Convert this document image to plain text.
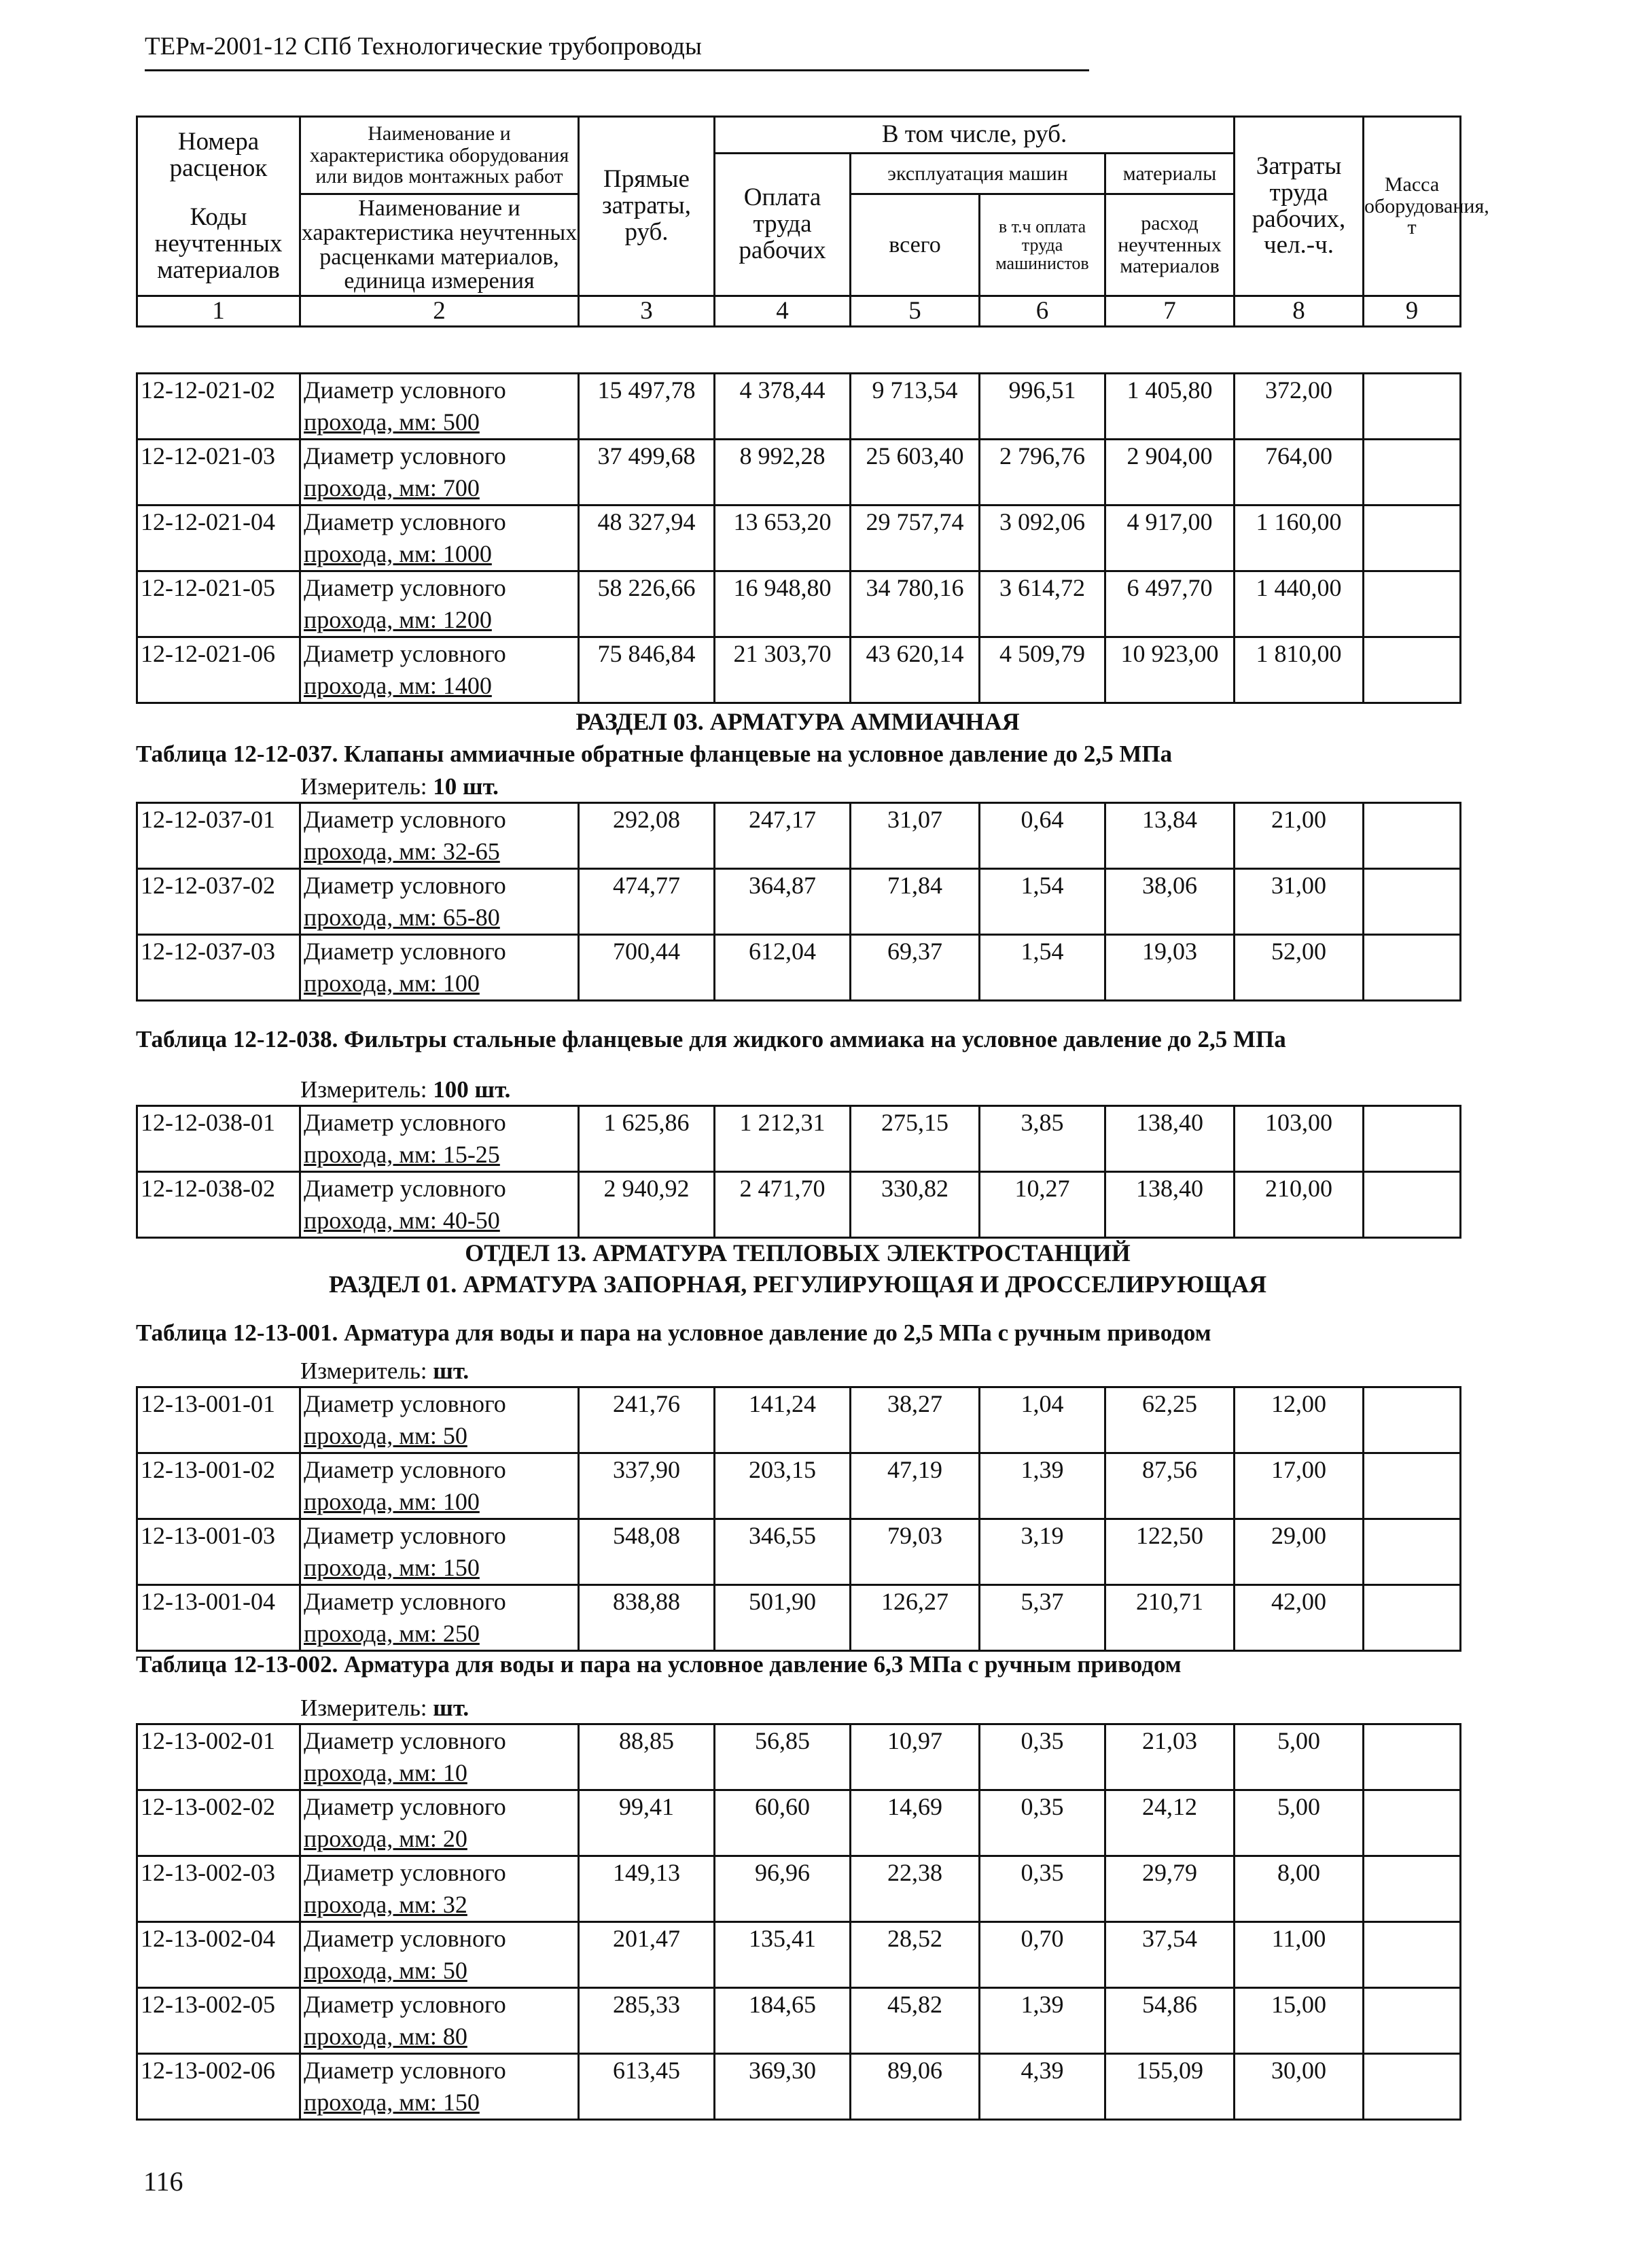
ТЕРм-2001-12 СПб Технологические трубопроводы
Номера расценок	Наименование и характеристика оборудования или видов монтажных работ	Прямые затраты, руб.	В том числе, руб.				Затраты труда рабочих, чел.-ч.	Масса оборудования, т
			Оплата труда рабочих	эксплуатация машин		материалы		
Коды неучтенных материалов	Наименование и характеристика неучтенных расценками материалов, единица измерения			всего	в т.ч оплата труда машинистов	расход неучтенных материалов		

1	2	3	4	5	6	7	8	9
12-12-021-02	Диаметр условного
прохода, мм: 500	15 497,78	4 378,44	9 713,54	996,51	1 405,80	372,00	
12-12-021-03	Диаметр условного
прохода, мм: 700	37 499,68	8 992,28	25 603,40	2 796,76	2 904,00	764,00	
12-12-021-04	Диаметр условного
прохода, мм: 1000	48 327,94	13 653,20	29 757,74	3 092,06	4 917,00	1 160,00	
12-12-021-05	Диаметр условного
прохода, мм: 1200	58 226,66	16 948,80	34 780,16	3 614,72	6 497,70	1 440,00	
12-12-021-06	Диаметр условного
прохода, мм: 1400	75 846,84	21 303,70	43 620,14	4 509,79	10 923,00	1 810,00	
РАЗДЕЛ 03. АРМАТУРА АММИАЧНАЯ
Таблица 12-12-037. Клапаны аммиачные обратные фланцевые на условное давление до 2,5 МПа
Измеритель: 10 шт.
12-12-037-01	Диаметр условного
прохода, мм: 32-65	292,08	247,17	31,07	0,64	13,84	21,00	
12-12-037-02	Диаметр условного
прохода, мм: 65-80	474,77	364,87	71,84	1,54	38,06	31,00	
12-12-037-03	Диаметр условного
прохода, мм: 100	700,44	612,04	69,37	1,54	19,03	52,00	
Таблица 12-12-038. Фильтры стальные фланцевые для жидкого аммиака на условное давление до 2,5 МПа
Измеритель: 100 шт.
12-12-038-01	Диаметр условного
прохода, мм: 15-25	1 625,86	1 212,31	275,15	3,85	138,40	103,00	
12-12-038-02	Диаметр условного
прохода, мм: 40-50	2 940,92	2 471,70	330,82	10,27	138,40	210,00	
ОТДЕЛ 13. АРМАТУРА ТЕПЛОВЫХ ЭЛЕКТРОСТАНЦИЙ
РАЗДЕЛ 01. АРМАТУРА ЗАПОРНАЯ, РЕГУЛИРУЮЩАЯ И ДРОССЕЛИРУЮЩАЯ
Таблица 12-13-001. Арматура для воды и пара на условное давление до 2,5 МПа с ручным приводом
Измеритель: шт.
12-13-001-01	Диаметр условного
прохода, мм: 50	241,76	141,24	38,27	1,04	62,25	12,00	
12-13-001-02	Диаметр условного
прохода, мм: 100	337,90	203,15	47,19	1,39	87,56	17,00	
12-13-001-03	Диаметр условного
прохода, мм: 150	548,08	346,55	79,03	3,19	122,50	29,00	
12-13-001-04	Диаметр условного
прохода, мм: 250	838,88	501,90	126,27	5,37	210,71	42,00	
Таблица 12-13-002. Арматура для воды и пара на условное давление 6,3 МПа с ручным приводом
Измеритель: шт.
12-13-002-01	Диаметр условного
прохода, мм: 10	88,85	56,85	10,97	0,35	21,03	5,00	
12-13-002-02	Диаметр условного
прохода, мм: 20	99,41	60,60	14,69	0,35	24,12	5,00	
12-13-002-03	Диаметр условного
прохода, мм: 32	149,13	96,96	22,38	0,35	29,79	8,00	
12-13-002-04	Диаметр условного
прохода, мм: 50	201,47	135,41	28,52	0,70	37,54	11,00	
12-13-002-05	Диаметр условного
прохода, мм: 80	285,33	184,65	45,82	1,39	54,86	15,00	
12-13-002-06	Диаметр условного
прохода, мм: 150	613,45	369,30	89,06	4,39	155,09	30,00	
116
